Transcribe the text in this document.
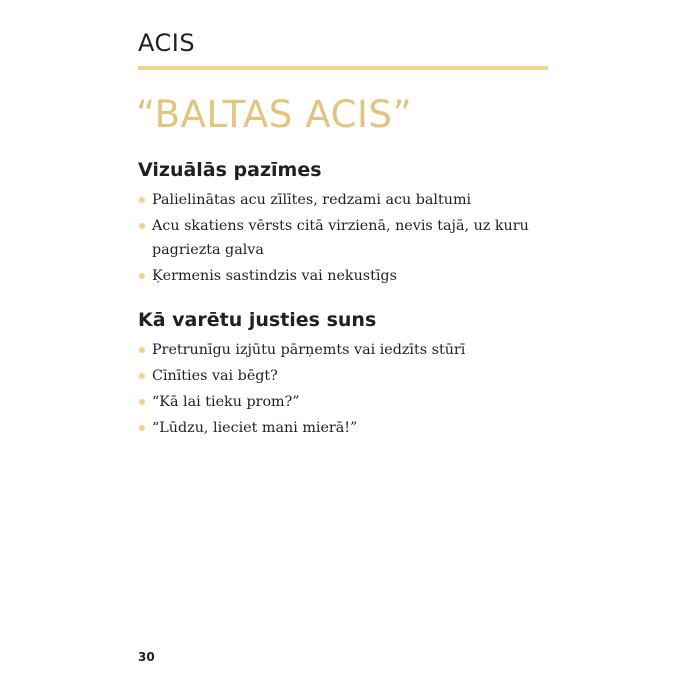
ACIS
“BALTAS ACIS”
Vizuālās pazīmes
Palielinātas acu zīlītes, redzami acu baltumi
Acu skatiens vērsts citā virzienā, nevis tajā, uz kuru pagriezta galva
Ķermenis sastindzis vai nekustīgs
Kā varētu justies suns
Pretrunīgu izjūtu pārņemts vai iedzīts stūrī
Cīnīties vai bēgt?
“Kā lai tieku prom?”
“Lūdzu, lieciet mani mierā!”
30
